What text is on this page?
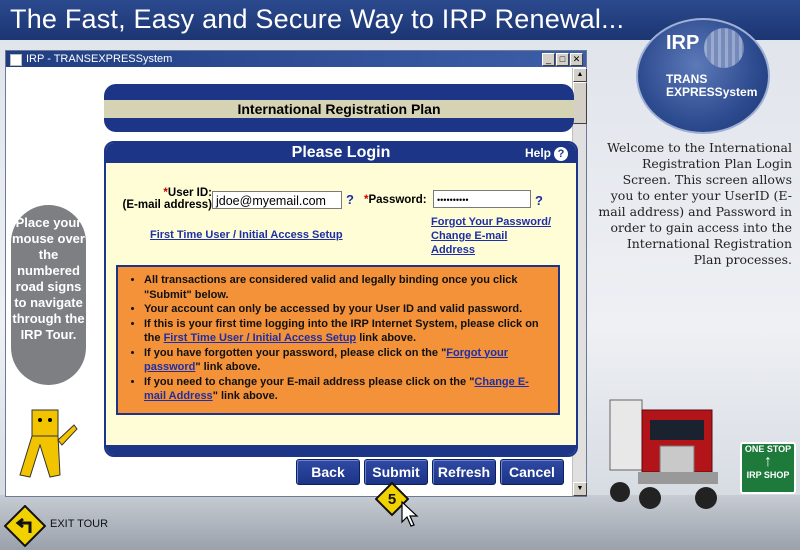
The Fast, Easy and Secure Way to IRP Renewal...
IRP
TRANS
EXPRESSystem
Welcome to the International Registration Plan Login Screen. This screen allows you to enter your UserID (E-mail address) and Password in order to gain access into the International Registration Plan processes.
IRP - TRANSEXPRESSystem	_ □ ✕
▲
▼
International Registration Plan
Please Login	Help ?
*User ID:
(E-mail address) jdoe@myemail.com	? *Password:	••••••••••	?
First Time User / Initial Access Setup
Forgot Your Password/
Change E-mail
Address
• All transactions are considered valid and legally binding once you click "Submit" below.
• Your account can only be accessed by your User ID and valid password.
• If this is your first time logging into the IRP Internet System, please click on the First Time User / Initial Access Setup link above.
• If you have forgotten your password, please click on the "Forgot your password" link above.
• If you need to change your E-mail address please click on the "Change E-mail Address" link above.
Back	Submit	Refresh	Cancel
Place your mouse over the numbered road signs to navigate through the IRP Tour.
EXIT TOUR
5
ONE STOP
↑
IRP SHOP
